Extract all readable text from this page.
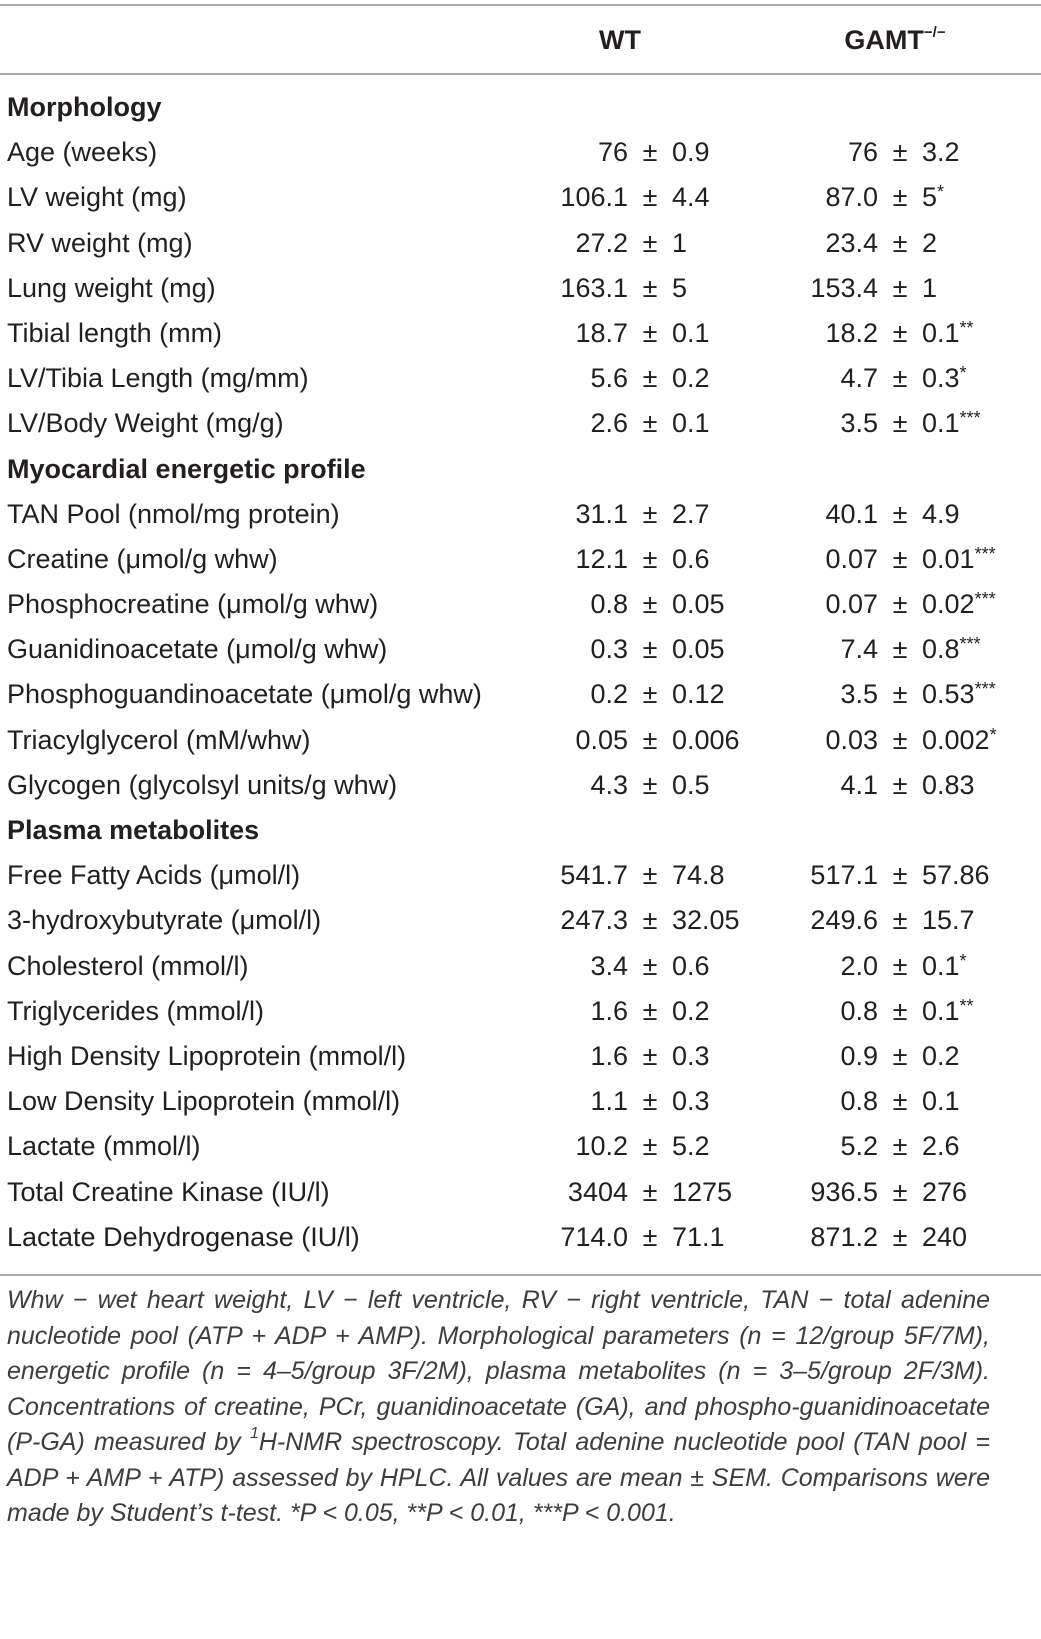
WT	GAMT−/−
Morphology
Age (weeks)	76 ± 0.9	76 ± 3.2
LV weight (mg)	106.1 ± 4.4	87.0 ± 5*
RV weight (mg)	27.2 ± 1	23.4 ± 2
Lung weight (mg)	163.1 ± 5	153.4 ± 1
Tibial length (mm)	18.7 ± 0.1	18.2 ± 0.1**
LV/Tibia Length (mg/mm)	5.6 ± 0.2	4.7 ± 0.3*
LV/Body Weight (mg/g)	2.6 ± 0.1	3.5 ± 0.1***
Myocardial energetic profile
TAN Pool (nmol/mg protein)	31.1 ± 2.7	40.1 ± 4.9
Creatine (μmol/g whw)	12.1 ± 0.6	0.07 ± 0.01***
Phosphocreatine (μmol/g whw)	0.8 ± 0.05	0.07 ± 0.02***
Guanidinoacetate (μmol/g whw)	0.3 ± 0.05	7.4 ± 0.8***
Phosphoguandinoacetate (μmol/g whw)	0.2 ± 0.12	3.5 ± 0.53***
Triacylglycerol (mM/whw)	0.05 ± 0.006	0.03 ± 0.002*
Glycogen (glycolsyl units/g whw)	4.3 ± 0.5	4.1 ± 0.83
Plasma metabolites
Free Fatty Acids (μmol/l)	541.7 ± 74.8	517.1 ± 57.86
3-hydroxybutyrate (μmol/l)	247.3 ± 32.05	249.6 ± 15.7
Cholesterol (mmol/l)	3.4 ± 0.6	2.0 ± 0.1*
Triglycerides (mmol/l)	1.6 ± 0.2	0.8 ± 0.1**
High Density Lipoprotein (mmol/l)	1.6 ± 0.3	0.9 ± 0.2
Low Density Lipoprotein (mmol/l)	1.1 ± 0.3	0.8 ± 0.1
Lactate (mmol/l)	10.2 ± 5.2	5.2 ± 2.6
Total Creatine Kinase (IU/l)	3404 ± 1275	936.5 ± 276
Lactate Dehydrogenase (IU/l)	714.0 ± 71.1	871.2 ± 240
Whw − wet heart weight, LV − left ventricle, RV − right ventricle, TAN − total adenine nucleotide pool (ATP + ADP + AMP). Morphological parameters (n = 12/group 5F/7M), energetic profile (n = 4–5/group 3F/2M), plasma metabolites (n = 3–5/group 2F/3M). Concentrations of creatine, PCr, guanidinoacetate (GA), and phospho-guanidinoacetate (P-GA) measured by $^1$H-NMR spectroscopy. Total adenine nucleotide pool (TAN pool = ADP + AMP + ATP) assessed by HPLC. All values are mean ± SEM. Comparisons were made by Student’s t-test. *P < 0.05, **P < 0.01, ***P < 0.001.
